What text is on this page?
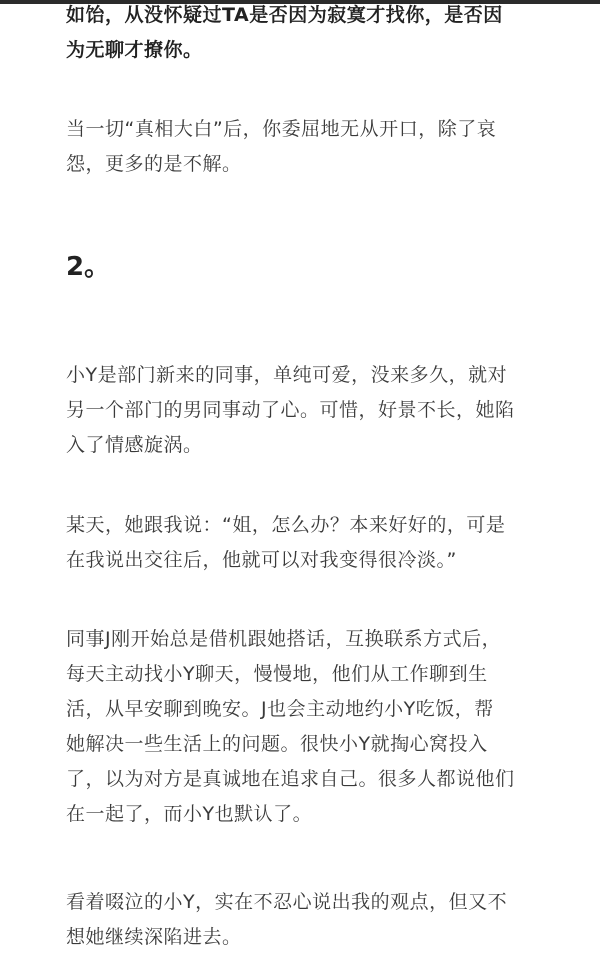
如饴，从没怀疑过TA是否因为寂寞才找你，是否因
为无聊才撩你。

当一切“真相大白”后，你委屈地无从开口，除了哀
怨，更多的是不解。

2。

小Y是部门新来的同事，单纯可爱，没来多久，就对
另一个部门的男同事动了心。可惜，好景不长，她陷
入了情感旋涡。

某天，她跟我说：“姐，怎么办？本来好好的，可是
在我说出交往后，他就可以对我变得很冷淡。”

同事J刚开始总是借机跟她搭话，互换联系方式后，
每天主动找小Y聊天，慢慢地，他们从工作聊到生
活，从早安聊到晚安。J也会主动地约小Y吃饭，帮
她解决一些生活上的问题。很快小Y就掏心窝投入
了，以为对方是真诚地在追求自己。很多人都说他们
在一起了，而小Y也默认了。

看着啜泣的小Y，实在不忍心说出我的观点，但又不
想她继续深陷进去。
